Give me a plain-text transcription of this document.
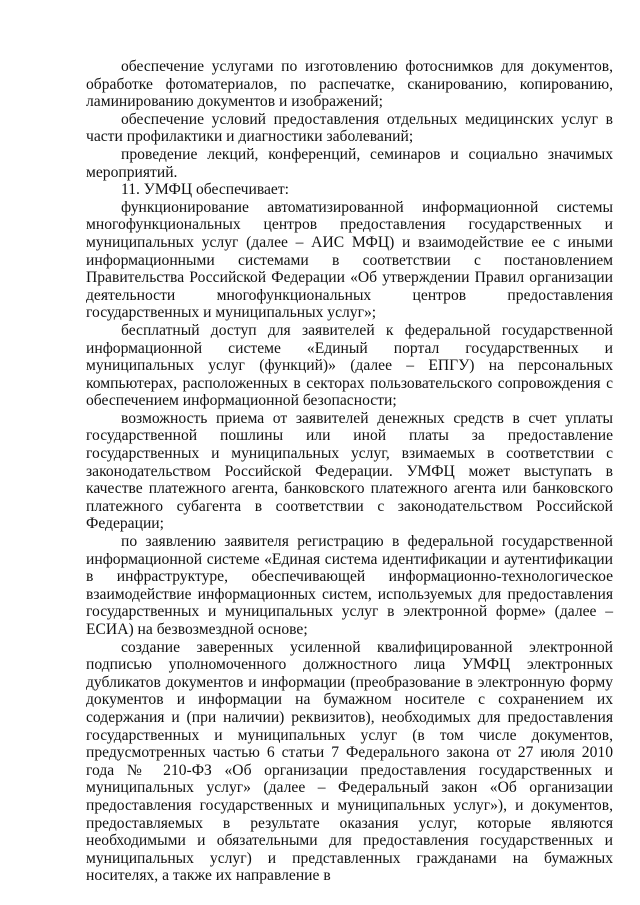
обеспечение услугами по изготовлению фотоснимков для документов, обработке фотоматериалов, по распечатке, сканированию, копированию, ламинированию документов и изображений;

обеспечение условий предоставления отдельных медицинских услуг в части профилактики и диагностики заболеваний;

проведение лекций, конференций, семинаров и социально значимых мероприятий.

11. УМФЦ обеспечивает:

функционирование автоматизированной информационной системы многофункциональных центров предоставления государственных и муниципальных услуг (далее – АИС МФЦ) и взаимодействие ее с иными информационными системами в соответствии с постановлением Правительства Российской Федерации «Об утверждении Правил организации деятельности многофункциональных центров предоставления государственных и муниципальных услуг»;

бесплатный доступ для заявителей к федеральной государственной информационной системе «Единый портал государственных и муниципальных услуг (функций)» (далее – ЕПГУ) на персональных компьютерах, расположенных в секторах пользовательского сопровождения с обеспечением информационной безопасности;

возможность приема от заявителей денежных средств в счет уплаты государственной пошлины или иной платы за предоставление государственных и муниципальных услуг, взимаемых в соответствии с законодательством Российской Федерации. УМФЦ может выступать в качестве платежного агента, банковского платежного агента или банковского платежного субагента в соответствии с законодательством Российской Федерации;

по заявлению заявителя регистрацию в федеральной государственной информационной системе «Единая система идентификации и аутентификации в инфраструктуре, обеспечивающей информационно-технологическое взаимодействие информационных систем, используемых для предоставления государственных и муниципальных услуг в электронной форме» (далее – ЕСИА) на безвозмездной основе;

создание заверенных усиленной квалифицированной электронной подписью уполномоченного должностного лица УМФЦ электронных дубликатов документов и информации (преобразование в электронную форму документов и информации на бумажном носителе с сохранением их содержания и (при наличии) реквизитов), необходимых для предоставления государственных и муниципальных услуг (в том числе документов, предусмотренных частью 6 статьи 7 Федерального закона от 27 июля 2010 года № 210-ФЗ «Об организации предоставления государственных и муниципальных услуг» (далее – Федеральный закон «Об организации предоставления государственных и муниципальных услуг»), и документов, предоставляемых в результате оказания услуг, которые являются необходимыми и обязательными для предоставления государственных и муниципальных услуг) и представленных гражданами на бумажных носителях, а также их направление в
